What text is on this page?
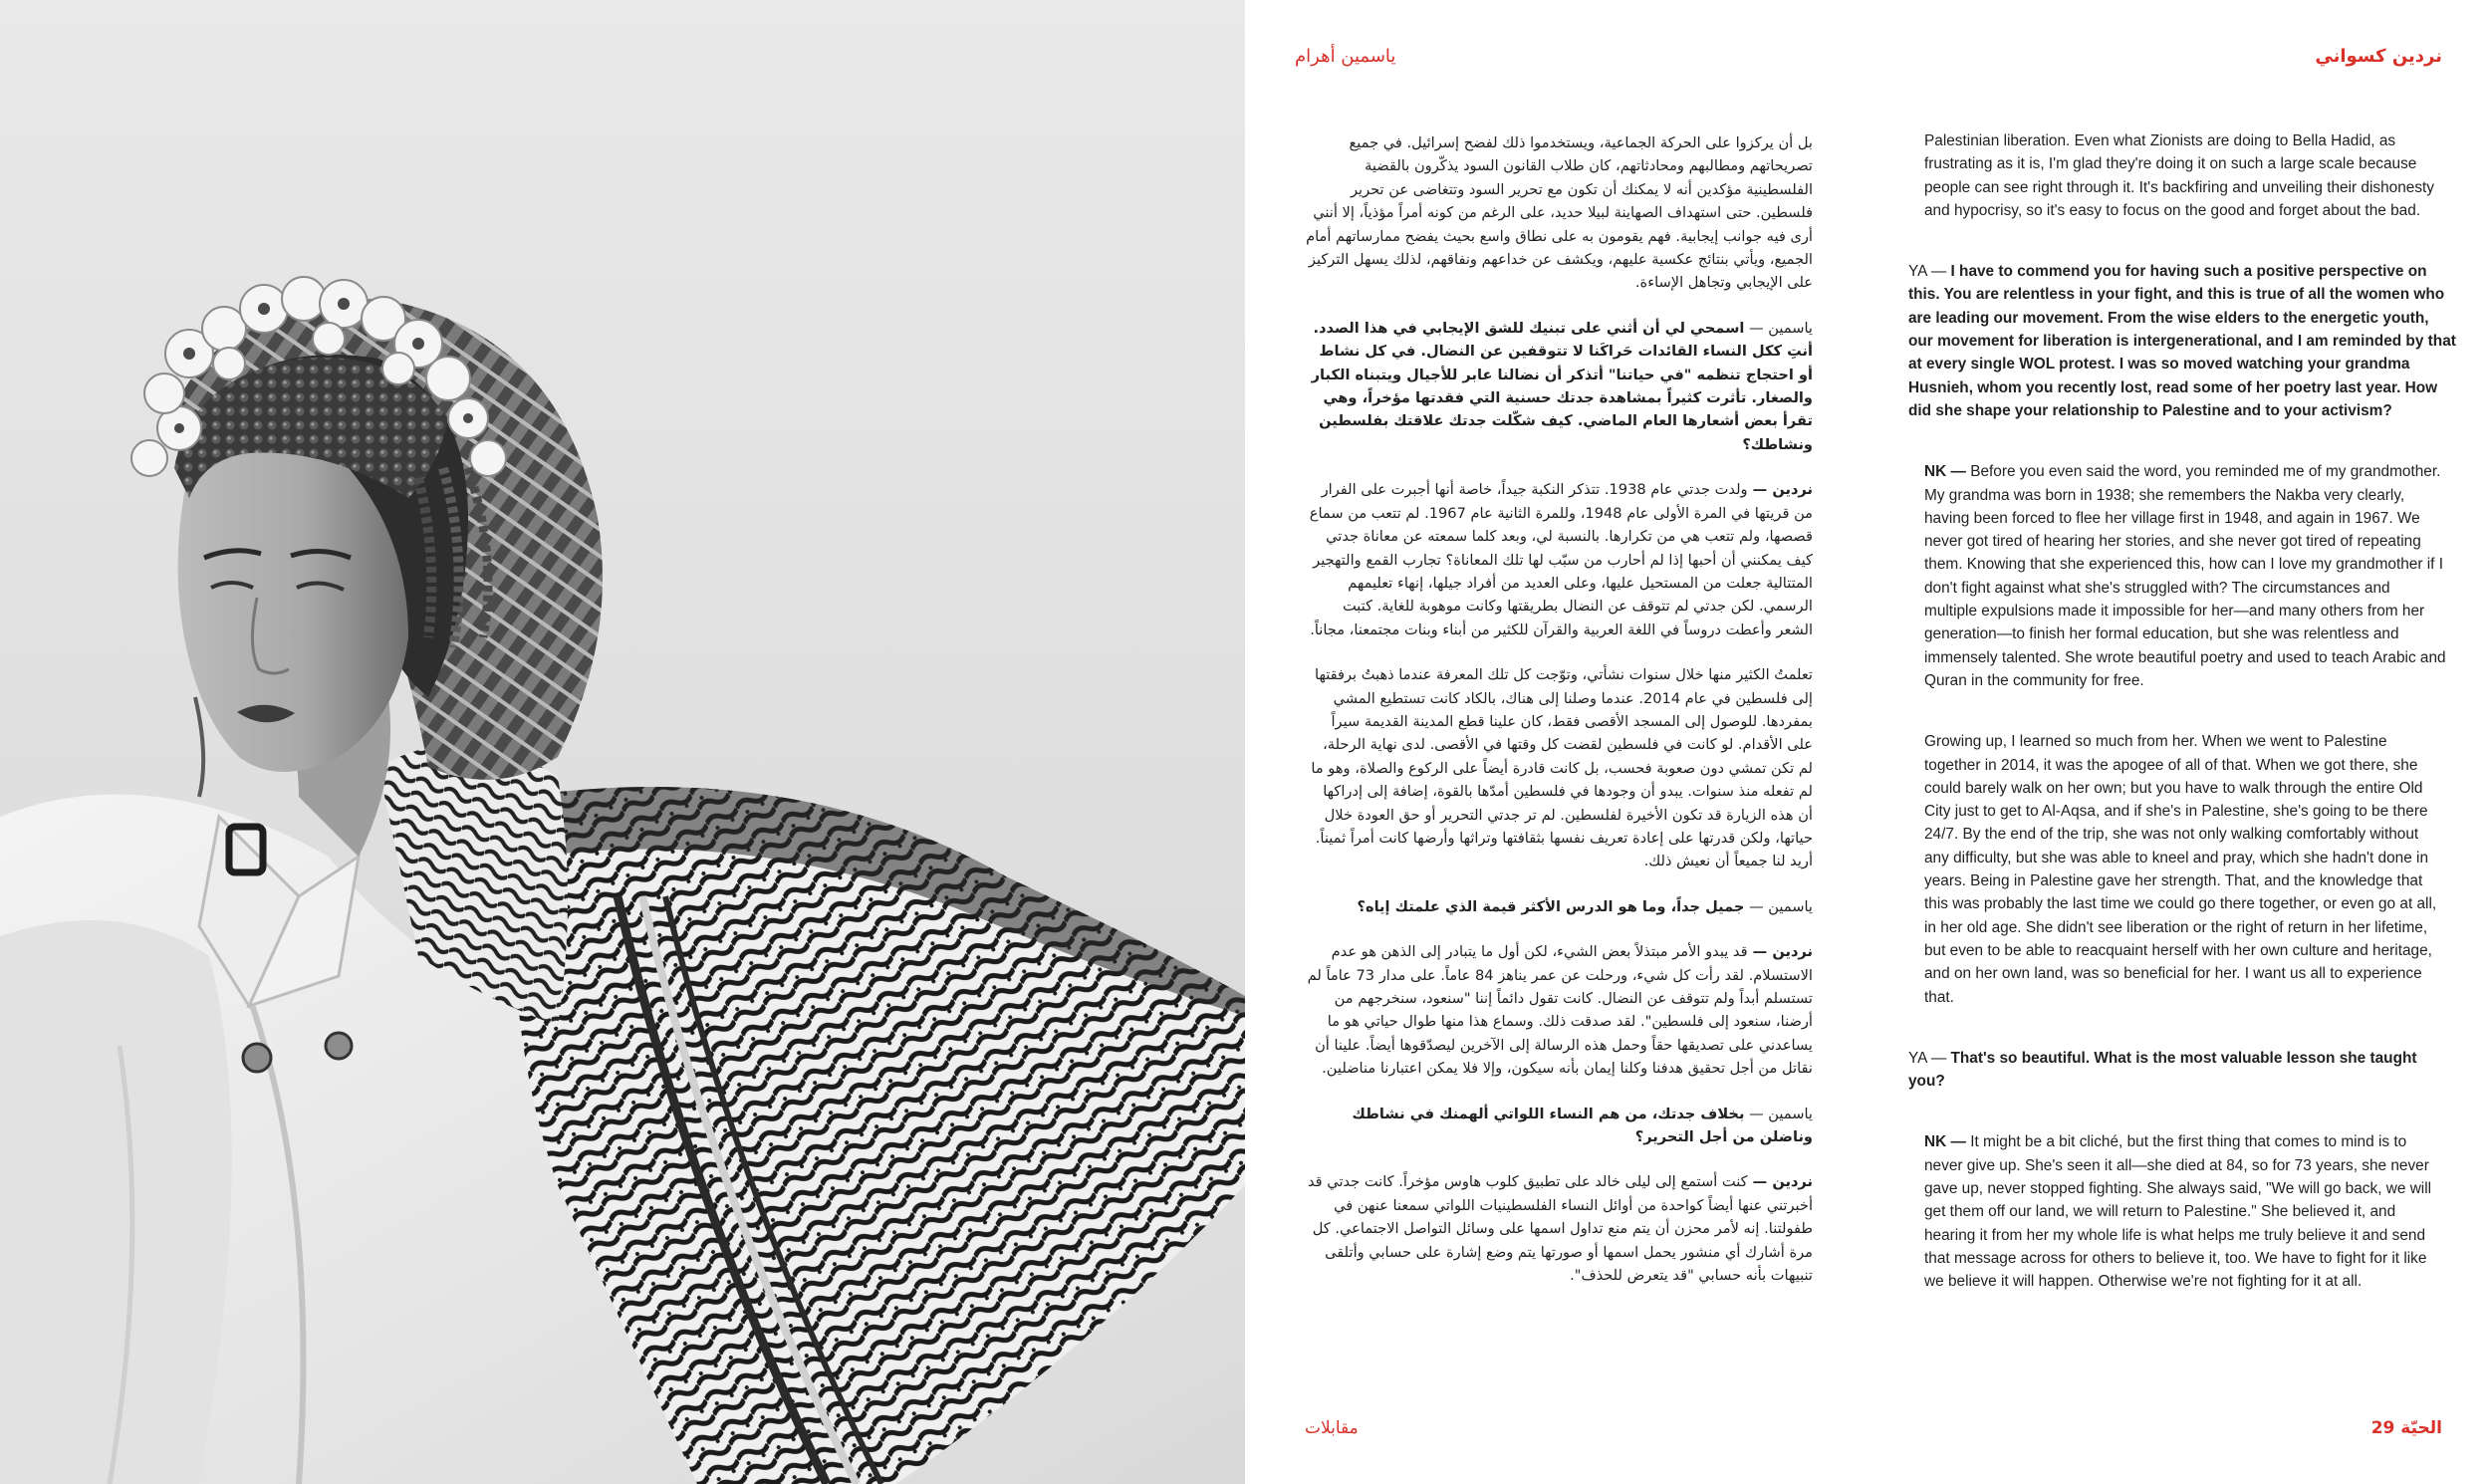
ياسمين أهرام	نردين كسواني

بل أن يركزوا على الحركة الجماعية، ويستخدموا ذلك لفضح إسرائيل. في جميع تصريحاتهم ومطالبهم ومحادثاتهم، كان طلاب القانون السود يذكّرون بالقضية الفلسطينية مؤكدين أنه لا يمكنك أن تكون مع تحرير السود وتتغاضى عن تحرير فلسطين. حتى استهداف الصهاينة لبيلا حديد، على الرغم من كونه أمراً مؤذياً، إلا أنني أرى فيه جوانب إيجابية. فهم يقومون به على نطاق واسع بحيث يفضح ممارساتهم أمام الجميع، ويأتي بنتائج عكسية عليهم، ويكشف عن خداعهم ونفاقهم، لذلك يسهل التركيز على الإيجابي وتجاهل الإساءة.

ياسمين — اسمحي لي أن أثني على تبنيك للشق الإيجابي في هذا الصدد. أنتِ ككل النساء القائدات حَراكَنا لا تتوقفين عن النضال. في كل نشاط أو احتجاج تنظمه "في حياتنا" أتذكر أن نضالنا عابر للأجيال ويتبناه الكبار والصغار. تأثرت كثيراً بمشاهدة جدتك حسنية التي فقدتها مؤخراً، وهي تقرأ بعض أشعارها العام الماضي. كيف شكّلت جدتك علاقتك بفلسطين ونشاطك؟

نردين — ولدت جدتي عام 1938. تتذكر النكبة جيداً، خاصة أنها أجبرت على الفرار من قريتها في المرة الأولى عام 1948، وللمرة الثانية عام 1967. لم تتعب من سماع قصصها، ولم تتعب هي من تكرارها. بالنسبة لي، وبعد كلما سمعته عن معاناة جدتي كيف يمكنني أن أحبها إذا لم أحارب من سبّب لها تلك المعاناة؟ تجارب القمع والتهجير المتتالية جعلت من المستحيل عليها، وعلى العديد من أفراد جيلها، إنهاء تعليمهم الرسمي. لكن جدتي لم تتوقف عن النضال بطريقتها وكانت موهوبة للغاية. كتبت الشعر وأعطت دروساً في اللغة العربية والقرآن للكثير من أبناء وبنات مجتمعنا، مجاناً.

تعلمتُ الكثير منها خلال سنوات نشأتي، وتوّجت كل تلك المعرفة عندما ذهبتُ برفقتها إلى فلسطين في عام 2014. عندما وصلنا إلى هناك، بالكاد كانت تستطيع المشي بمفردها. للوصول إلى المسجد الأقصى فقط، كان علينا قطع المدينة القديمة سيراً على الأقدام. لو كانت في فلسطين لقضت كل وقتها في الأقصى. لدى نهاية الرحلة، لم تكن تمشي دون صعوبة فحسب، بل كانت قادرة أيضاً على الركوع والصلاة، وهو ما لم تفعله منذ سنوات. يبدو أن وجودها في فلسطين أمدّها بالقوة، إضافة إلى إدراكها أن هذه الزيارة قد تكون الأخيرة لفلسطين. لم تر جدتي التحرير أو حق العودة خلال حياتها، ولكن قدرتها على إعادة تعريف نفسها بثقافتها وتراثها وأرضها كانت أمراً ثميناً. أريد لنا جميعاً أن نعيش ذلك.

ياسمين — جميل جداً، وما هو الدرس الأكثر قيمة الذي علمتك إياه؟

نردين — قد يبدو الأمر مبتذلاً بعض الشيء، لكن أول ما يتبادر إلى الذهن هو عدم الاستسلام. لقد رأت كل شيء، ورحلت عن عمر يناهز 84 عاماً. على مدار 73 عاماً لم تستسلم أبداً ولم تتوقف عن النضال. كانت تقول دائماً إننا "سنعود، سنخرجهم من أرضنا، سنعود إلى فلسطين". لقد صدقت ذلك. وسماع هذا منها طوال حياتي هو ما يساعدني على تصديقها حقاً وحمل هذه الرسالة إلى الآخرين ليصدّقوها أيضاً. علينا أن نقاتل من أجل تحقيق هدفنا وكلنا إيمان بأنه سيكون، وإلا فلا يمكن اعتبارنا مناضلين.

ياسمين — بخلاف جدتك، من هم النساء اللواتي ألهمنك في نشاطك وناضلن من أجل التحرير؟

نردين — كنت أستمع إلى ليلى خالد على تطبيق كلوب هاوس مؤخراً. كانت جدتي قد أخبرتني عنها أيضاً كواحدة من أوائل النساء الفلسطينيات اللواتي سمعنا عنهن في طفولتنا. إنه لأمر محزن أن يتم منع تداول اسمها على وسائل التواصل الاجتماعي. كل مرة أشارك أي منشور يحمل اسمها أو صورتها يتم وضع إشارة على حسابي وأتلقى تنبيهات بأنه حسابي "قد يتعرض للحذف".

Palestinian liberation. Even what Zionists are doing to Bella Hadid, as frustrating as it is, I'm glad they're doing it on such a large scale because people can see right through it. It's backfiring and unveiling their dishonesty and hypocrisy, so it's easy to focus on the good and forget about the bad.

YA — I have to commend you for having such a positive perspective on this. You are relentless in your fight, and this is true of all the women who are leading our movement. From the wise elders to the energetic youth, our movement for liberation is intergenerational, and I am reminded by that at every single WOL protest. I was so moved watching your grandma Husnieh, whom you recently lost, read some of her poetry last year. How did she shape your relationship to Palestine and to your activism?

NK — Before you even said the word, you reminded me of my grandmother. My grandma was born in 1938; she remembers the Nakba very clearly, having been forced to flee her village first in 1948, and again in 1967. We never got tired of hearing her stories, and she never got tired of repeating them. Knowing that she experienced this, how can I love my grandmother if I don't fight against what she's struggled with? The circumstances and multiple expulsions made it impossible for her—and many others from her generation—to finish her formal education, but she was relentless and immensely talented. She wrote beautiful poetry and used to teach Arabic and Quran in the community for free.

Growing up, I learned so much from her. When we went to Palestine together in 2014, it was the apogee of all of that. When we got there, she could barely walk on her own; but you have to walk through the entire Old City just to get to Al-Aqsa, and if she's in Palestine, she's going to be there 24/7. By the end of the trip, she was not only walking comfortably without any difficulty, but she was able to kneel and pray, which she hadn't done in years. Being in Palestine gave her strength. That, and the knowledge that this was probably the last time we could go there together, or even go at all, in her old age. She didn't see liberation or the right of return in her lifetime, but even to be able to reacquaint herself with her own culture and heritage, and on her own land, was so beneficial for her. I want us all to experience that.

YA — That's so beautiful. What is the most valuable lesson she taught you?

NK — It might be a bit cliché, but the first thing that comes to mind is to never give up. She's seen it all—she died at 84, so for 73 years, she never gave up, never stopped fighting. She always said, "We will go back, we will get them off our land, we will return to Palestine." She believed it, and hearing it from her my whole life is what helps me truly believe it and send that message across for others to believe it, too. We have to fight for it like we believe it will happen. Otherwise we're not fighting for it at all.

مقابلات	الحيّة 29
